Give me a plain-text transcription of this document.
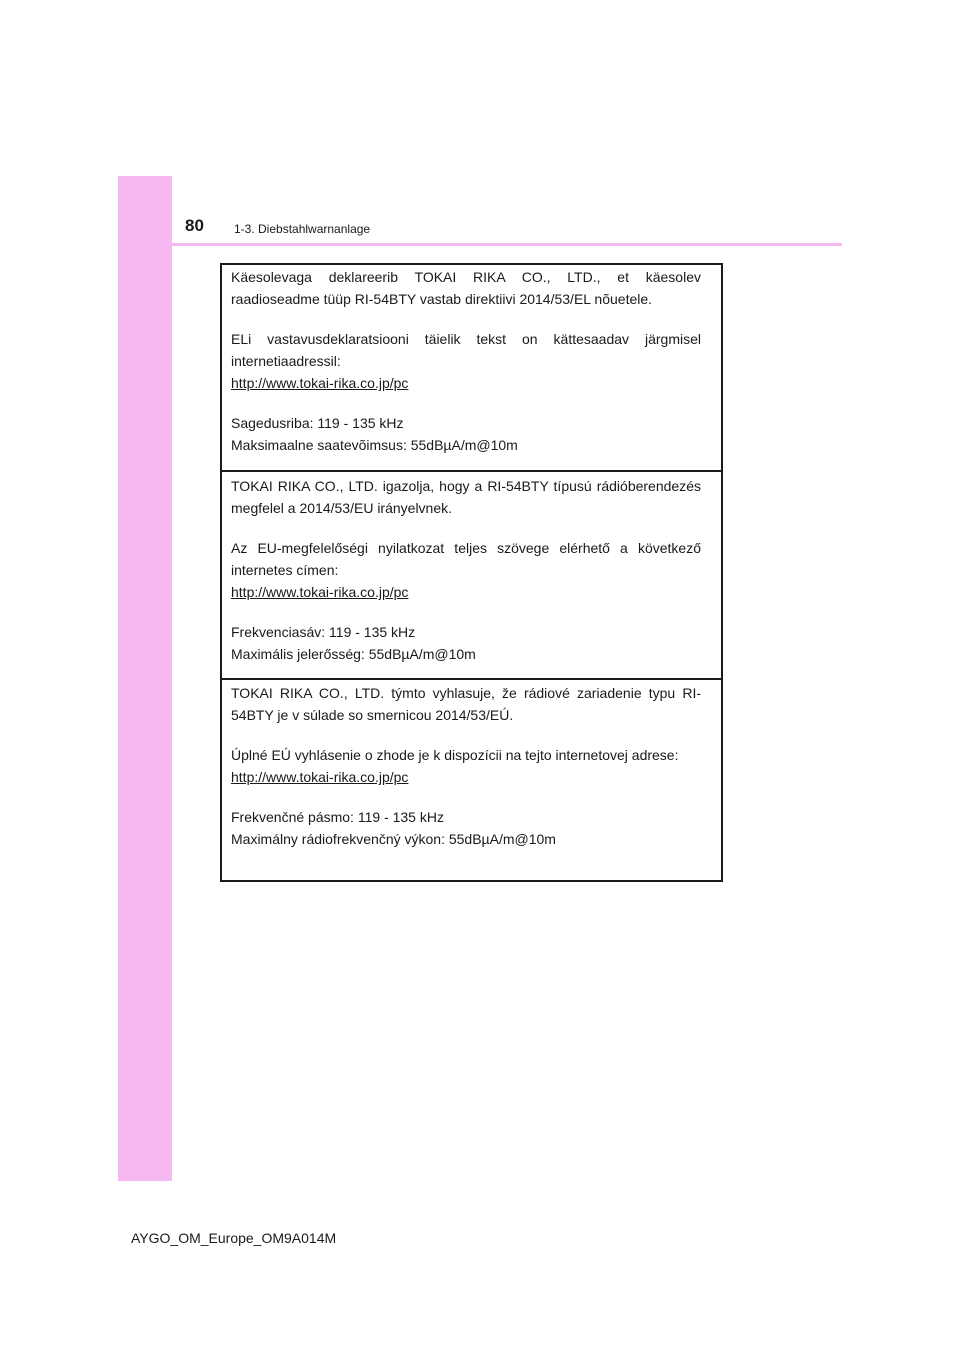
80	1-3. Diebstahlwarnanlage

Käesolevaga deklareerib TOKAI RIKA CO., LTD., et käesolev raadioseadme tüüp RI-54BTY vastab direktiivi 2014/53/EL nõuetele.

ELi vastavusdeklaratsiooni täielik tekst on kättesaadav järgmisel internetiaadressil:

http://www.tokai-rika.co.jp/pc

Sagedusriba: 119 - 135 kHz

Maksimaalne saatevõimsus: 55dBµA/m@10m

TOKAI RIKA CO., LTD. igazolja, hogy a RI-54BTY típusú rádióberendezés megfelel a 2014/53/EU irányelvnek.

Az EU-megfelelőségi nyilatkozat teljes szövege elérhető a következő internetes címen:

http://www.tokai-rika.co.jp/pc

Frekvenciasáv: 119 - 135 kHz

Maximális jelerősség: 55dBµA/m@10m

TOKAI RIKA CO., LTD. týmto vyhlasuje, že rádiové zariadenie typu RI-54BTY je v súlade so smernicou 2014/53/EÚ.

Úplné EÚ vyhlásenie o zhode je k dispozícii na tejto internetovej adrese:

http://www.tokai-rika.co.jp/pc

Frekvenčné pásmo: 119 - 135 kHz

Maximálny rádiofrekvenčný výkon: 55dBµA/m@10m

AYGO_OM_Europe_OM9A014M
